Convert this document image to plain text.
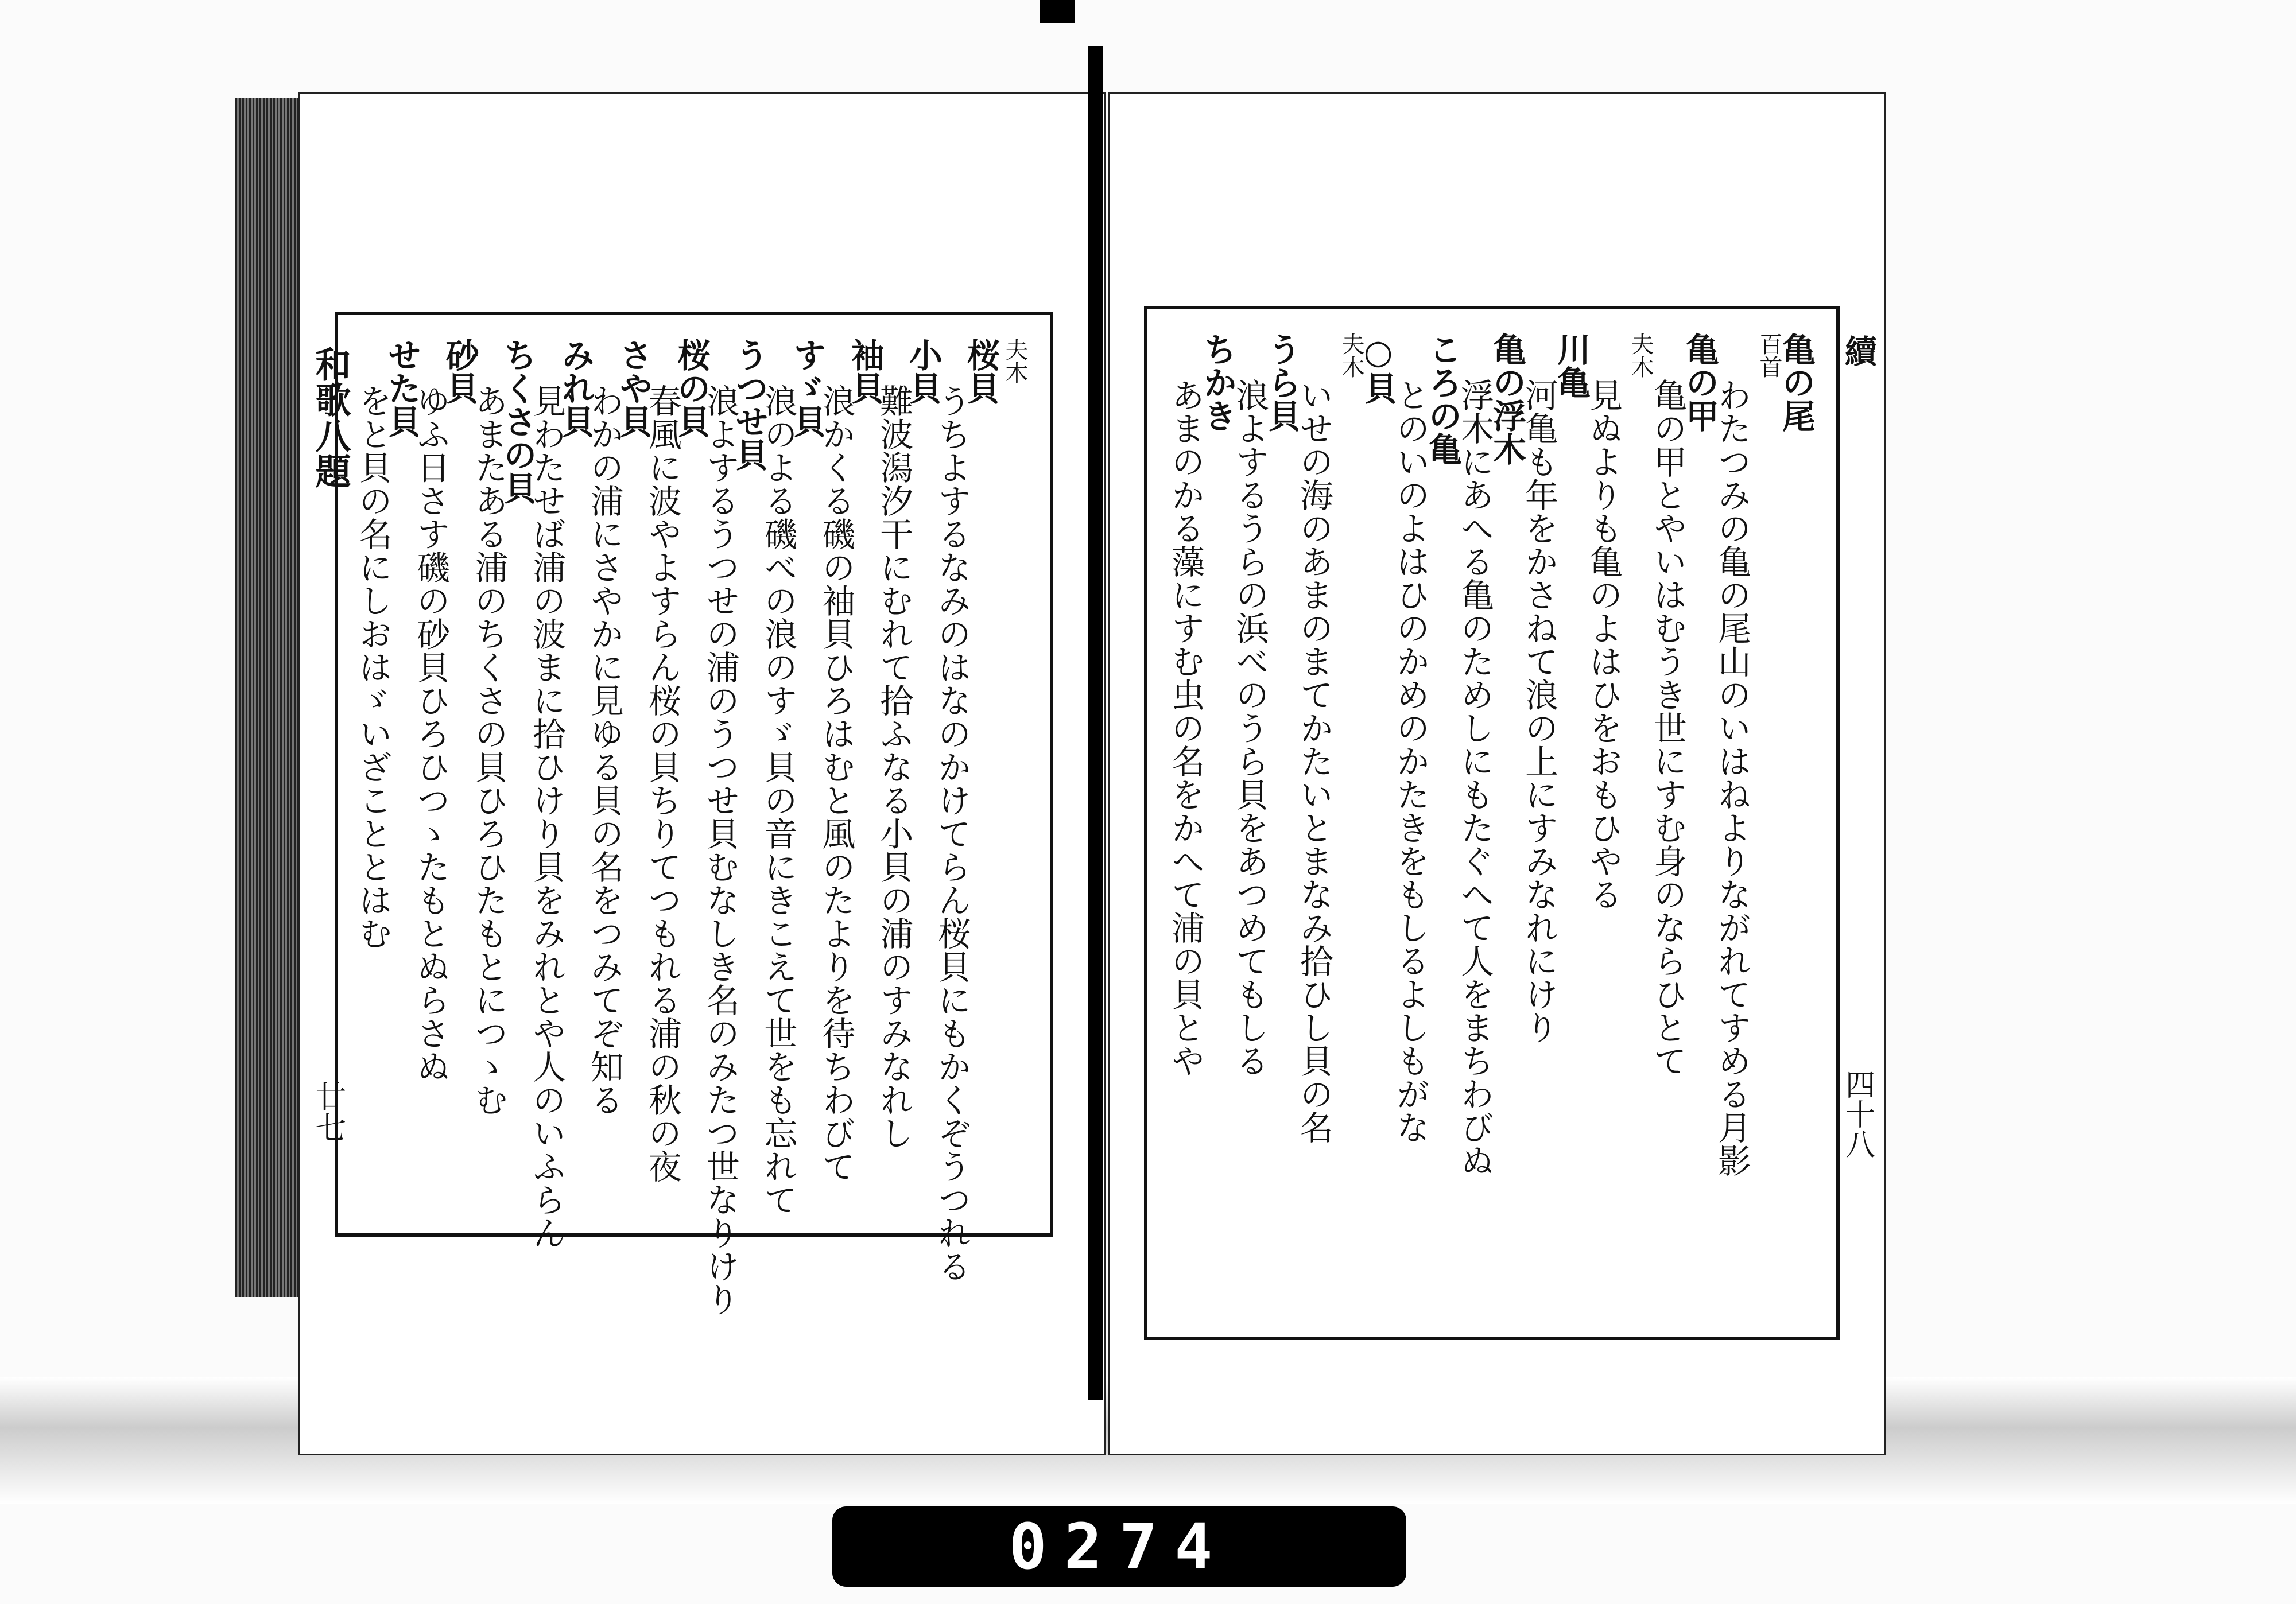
夫木
桜貝
うちよするなみのはなのかけてらん桜貝にもかくぞうつれる
小貝
難波潟汐干にむれて拾ふなる小貝の浦のすみなれし
袖貝
浪かくる磯の袖貝ひろはむと風のたよりを待ちわびて
すゞ貝
浪のよる磯べの浪のすゞ貝の音にきこえて世をも忘れて
うつせ貝
浪よするうつせの浦のうつせ貝むなしき名のみたつ世なりけり
桜の貝
春風に波やよすらん桜の貝ちりてつもれる浦の秋の夜
さや貝
わかの浦にさやかに見ゆる貝の名をつみてぞ知る
みれ貝
見わたせば浦の波まに拾ひけり貝をみれとや人のいふらん
ちくさの貝
あまたある浦のちくさの貝ひろひたもとにつゝむ
砂貝
ゆふ日さす磯の砂貝ひろひつゝたもとぬらさぬ
せた貝
をと貝の名にしおはゞいざこととはむ
和歌八題
廿七
亀の尾
百首
わたつみの亀の尾山のいはねよりながれてすめる月影
亀の甲
亀の甲とやいはむうき世にすむ身のならひとて
夫木
見ぬよりも亀のよはひをおもひやる
川亀
河亀も年をかさねて浪の上にすみなれにけり
亀の浮木
浮木にあへる亀のためしにもたぐへて人をまちわびぬ
ころの亀
とのいのよはひのかめのかたきをもしるよしもがな
○貝
夫木
いせの海のあまのまてかたいとまなみ拾ひし貝の名
うら貝
浪よするうらの浜べのうら貝をあつめてもしる
ちかき
あまのかる藻にすむ虫の名をかへて浦の貝とや
續
四十八
0274
